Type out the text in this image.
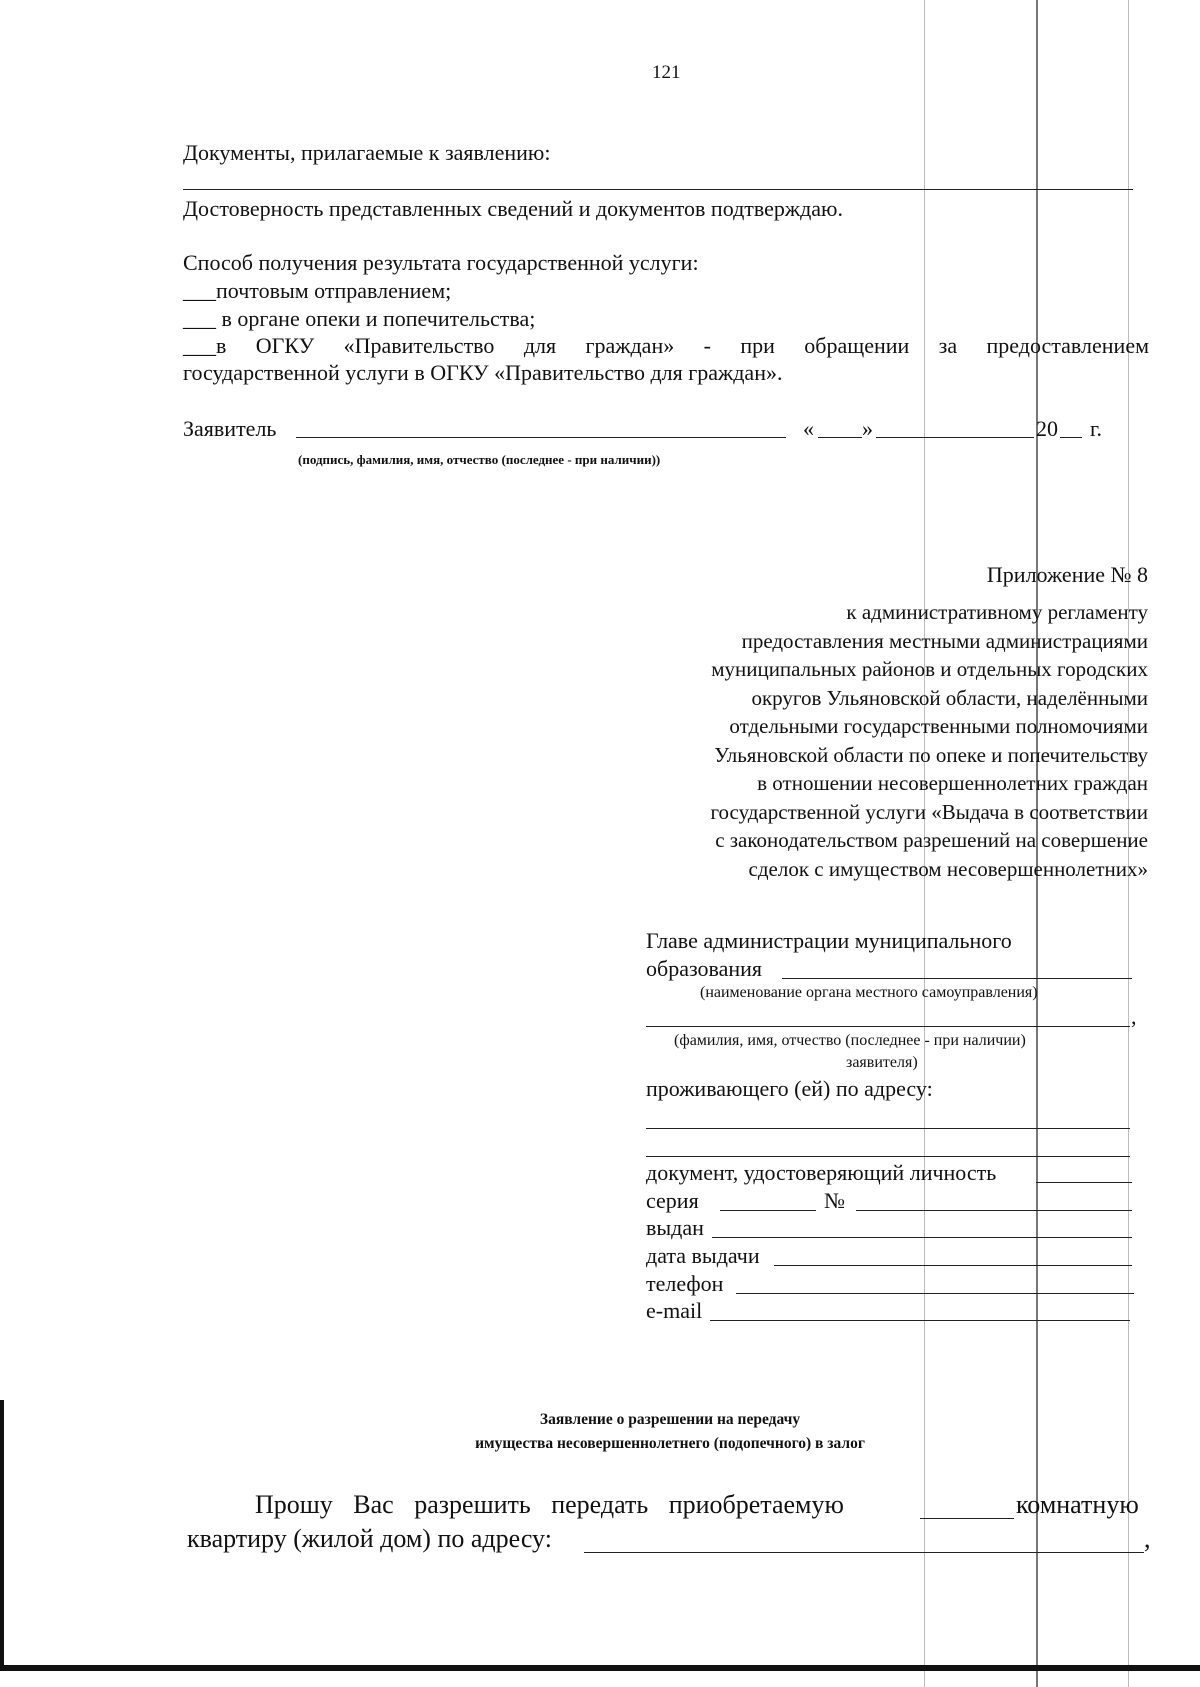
121
Документы, прилагаемые к заявлению:
Достоверность представленных сведений и документов подтверждаю.
Способ получения результата государственной услуги:
___почтовым отправлением;
___ в органе опеки и попечительства;
___в ОГКУ «Правительство для граждан» - при обращении за предоставлением
государственной услуги в ОГКУ «Правительство для граждан».
Заявитель	« »	20 г.
(подпись, фамилия, имя, отчество (последнее - при наличии))
Приложение № 8
к административному регламенту
предоставления местными администрациями
муниципальных районов и отдельных городских
округов Ульяновской области, наделёнными
отдельными государственными полномочиями
Ульяновской области по опеке и попечительству
в отношении несовершеннолетних граждан
государственной услуги «Выдача в соответствии
с законодательством разрешений на совершение
сделок с имуществом несовершеннолетних»
Главе администрации муниципального
образования
(наименование органа местного самоуправления)
,
(фамилия, имя, отчество (последнее - при наличии)
заявителя)
проживающего (ей) по адресу:
документ, удостоверяющий личность
серия	№
выдан
дата выдачи
телефон
e-mail
Заявление о разрешении на передачу
имущества несовершеннолетнего (подопечного) в залог
Прошу Вас разрешить передать приобретаемую	комнатную
квартиру (жилой дом) по адресу:	,
